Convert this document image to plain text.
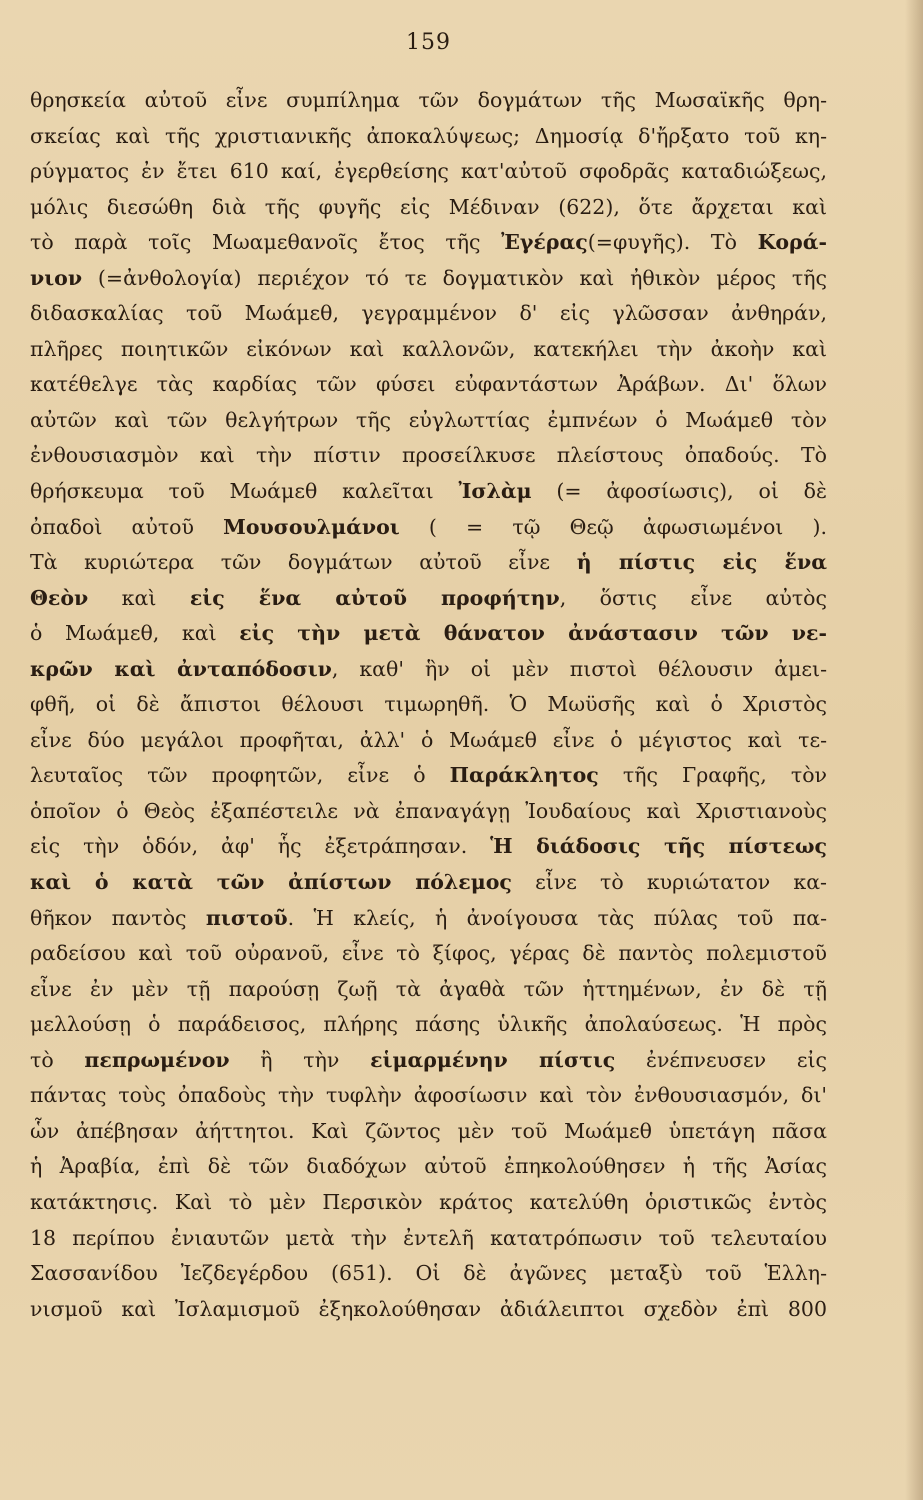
159
θρησκεία αὐτοῦ εἶνε συμπίλημα τῶν δογμάτων τῆς Μωσαϊκῆς θρη-
σκείας καὶ τῆς χριστιανικῆς ἀποκαλύψεως; Δημοσίᾳ δ'ἤρξατο τοῦ κη-
ρύγματος ἐν ἔτει 610 καί, ἐγερθείσης κατ'αὐτοῦ σφοδρᾶς καταδιώξεως,
μόλις διεσώθη διὰ τῆς φυγῆς εἰς Μέδιναν (622), ὅτε ἄρχεται καὶ
τὸ παρὰ τοῖς Μωαμεθανοῖς ἔτος τῆς Ἐγέρας(=φυγῆς). Τὸ Κορά-
νιον (=ἀνθολογία) περιέχον τό τε δογματικὸν καὶ ἠθικὸν μέρος τῆς
διδασκαλίας τοῦ Μωάμεθ, γεγραμμένον δ' εἰς γλῶσσαν ἀνθηράν,
πλῆρες ποιητικῶν εἰκόνων καὶ καλλονῶν, κατεκήλει τὴν ἀκοὴν καὶ
κατέθελγε τὰς καρδίας τῶν φύσει εὐφαντάστων Ἀράβων. Δι' ὅλων
αὐτῶν καὶ τῶν θελγήτρων τῆς εὐγλωττίας ἐμπνέων ὁ Μωάμεθ τὸν
ἐνθουσιασμὸν καὶ τὴν πίστιν προσείλκυσε πλείστους ὀπαδούς. Τὸ
θρήσκευμα τοῦ Μωάμεθ καλεῖται Ἰσλὰμ (= ἀφοσίωσις), οἱ δὲ
ὀπαδοὶ αὐτοῦ Μουσουλμάνοι ( = τῷ Θεῷ ἀφωσιωμένοι ).
Τὰ κυριώτερα τῶν δογμάτων αὐτοῦ εἶνε ἡ πίστις εἰς ἕνα
Θεὸν καὶ εἰς ἕνα αὐτοῦ προφήτην, ὅστις εἶνε αὐτὸς
ὁ Μωάμεθ, καὶ εἰς τὴν μετὰ θάνατον ἀνάστασιν τῶν νε-
κρῶν καὶ ἀνταπόδοσιν, καθ' ἣν οἱ μὲν πιστοὶ θέλουσιν ἀμει-
φθῆ, οἱ δὲ ἄπιστοι θέλουσι τιμωρηθῆ. Ὁ Μωϋσῆς καὶ ὁ Χριστὸς
εἶνε δύο μεγάλοι προφῆται, ἀλλ' ὁ Μωάμεθ εἶνε ὁ μέγιστος καὶ τε-
λευταῖος τῶν προφητῶν, εἶνε ὁ Παράκλητος τῆς Γραφῆς, τὸν
ὁποῖον ὁ Θεὸς ἐξαπέστειλε νὰ ἐπαναγάγῃ Ἰουδαίους καὶ Χριστιανοὺς
εἰς τὴν ὁδόν, ἀφ' ἧς ἐξετράπησαν. Ἡ διάδοσις τῆς πίστεως
καὶ ὁ κατὰ τῶν ἀπίστων πόλεμος εἶνε τὸ κυριώτατον κα-
θῆκον παντὸς πιστοῦ. Ἡ κλείς, ἡ ἀνοίγουσα τὰς πύλας τοῦ πα-
ραδείσου καὶ τοῦ οὐρανοῦ, εἶνε τὸ ξίφος, γέρας δὲ παντὸς πολεμιστοῦ
εἶνε ἐν μὲν τῇ παρούσῃ ζωῇ τὰ ἀγαθὰ τῶν ἡττημένων, ἐν δὲ τῇ
μελλούσῃ ὁ παράδεισος, πλήρης πάσης ὑλικῆς ἀπολαύσεως. Ἡ πρὸς
τὸ πεπρωμένον ἢ τὴν εἱμαρμένην πίστις ἐνέπνευσεν εἰς
πάντας τοὺς ὀπαδοὺς τὴν τυφλὴν ἀφοσίωσιν καὶ τὸν ἐνθουσιασμόν, δι'
ὧν ἀπέβησαν ἀήττητοι. Καὶ ζῶντος μὲν τοῦ Μωάμεθ ὑπετάγη πᾶσα
ἡ Ἀραβία, ἐπὶ δὲ τῶν διαδόχων αὐτοῦ ἐπηκολούθησεν ἡ τῆς Ἀσίας
κατάκτησις. Καὶ τὸ μὲν Περσικὸν κράτος κατελύθη ὁριστικῶς ἐντὸς
18 περίπου ἐνιαυτῶν μετὰ τὴν ἐντελῆ κατατρόπωσιν τοῦ τελευταίου
Σασσανίδου Ἰεζδεγέρδου (651). Οἱ δὲ ἀγῶνες μεταξὺ τοῦ Ἑλλη-
νισμοῦ καὶ Ἰσλαμισμοῦ ἐξηκολούθησαν ἀδιάλειπτοι σχεδὸν ἐπὶ 800
